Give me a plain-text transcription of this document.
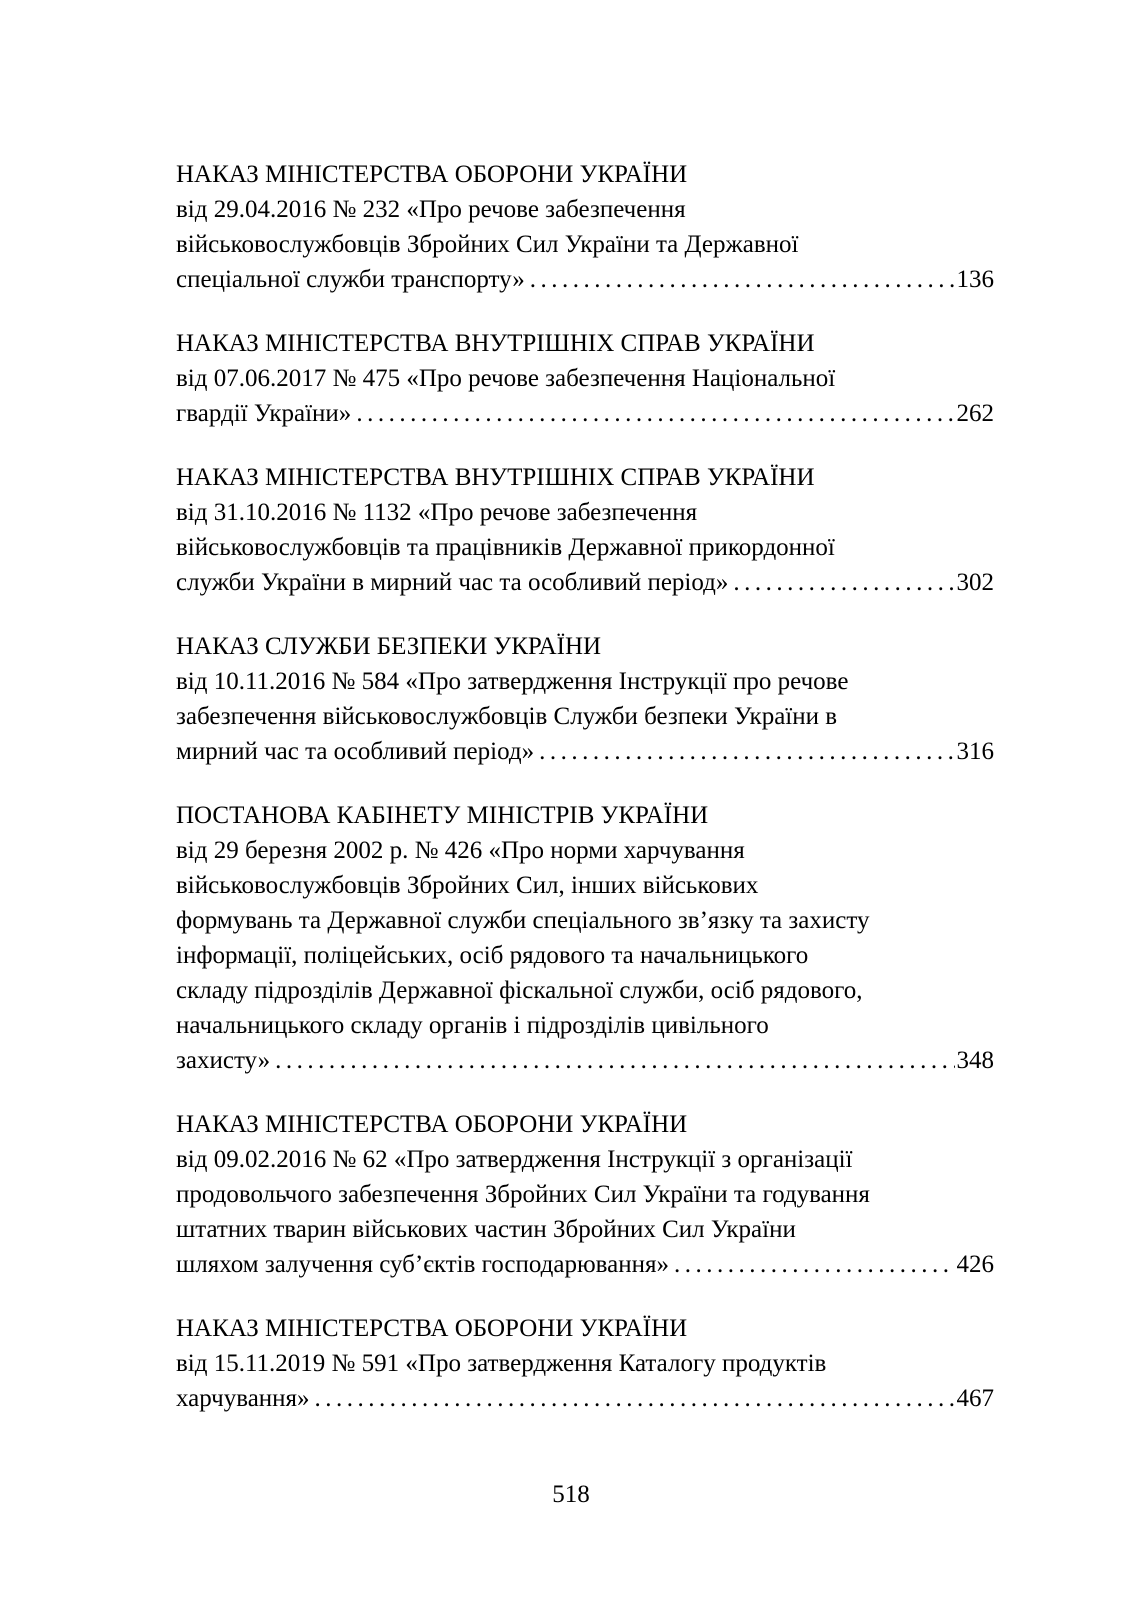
НАКАЗ МІНІСТЕРСТВА ОБОРОНИ УКРАЇНИ
від 29.04.2016 № 232 «Про речове забезпечення
військовослужбовців Збройних Сил України та Державної
спеціальної служби транспорту» .....	136
НАКАЗ МІНІСТЕРСТВА ВНУТРІШНІХ СПРАВ УКРАЇНИ
від 07.06.2017 № 475 «Про речове забезпечення Національної
гвардії України» .....	262
НАКАЗ МІНІСТЕРСТВА ВНУТРІШНІХ СПРАВ УКРАЇНИ
від 31.10.2016 № 1132 «Про речове забезпечення
військовослужбовців та працівників Державної прикордонної
служби України в мирний час та особливий період» .....	302
НАКАЗ СЛУЖБИ БЕЗПЕКИ УКРАЇНИ
від 10.11.2016 № 584 «Про затвердження Інструкції про речове
забезпечення військовослужбовців Служби безпеки України в
мирний час та особливий період» .....	316
ПОСТАНОВА КАБІНЕТУ МІНІСТРІВ УКРАЇНИ
від 29 березня 2002 р. № 426 «Про норми харчування
військовослужбовців Збройних Сил, інших військових
формувань та Державної служби спеціального зв’язку та захисту
інформації, поліцейських, осіб рядового та начальницького
складу підрозділів Державної фіскальної служби, осіб рядового,
начальницького складу органів і підрозділів цивільного
захисту» .....	348
НАКАЗ МІНІСТЕРСТВА ОБОРОНИ УКРАЇНИ
від 09.02.2016 № 62 «Про затвердження Інструкції з організації
продовольчого забезпечення Збройних Сил України та годування
штатних тварин військових частин Збройних Сил України
шляхом залучення суб’єктів господарювання» .....	426
НАКАЗ МІНІСТЕРСТВА ОБОРОНИ УКРАЇНИ
від 15.11.2019 № 591 «Про затвердження Каталогу продуктів
харчування» .....	467
518
